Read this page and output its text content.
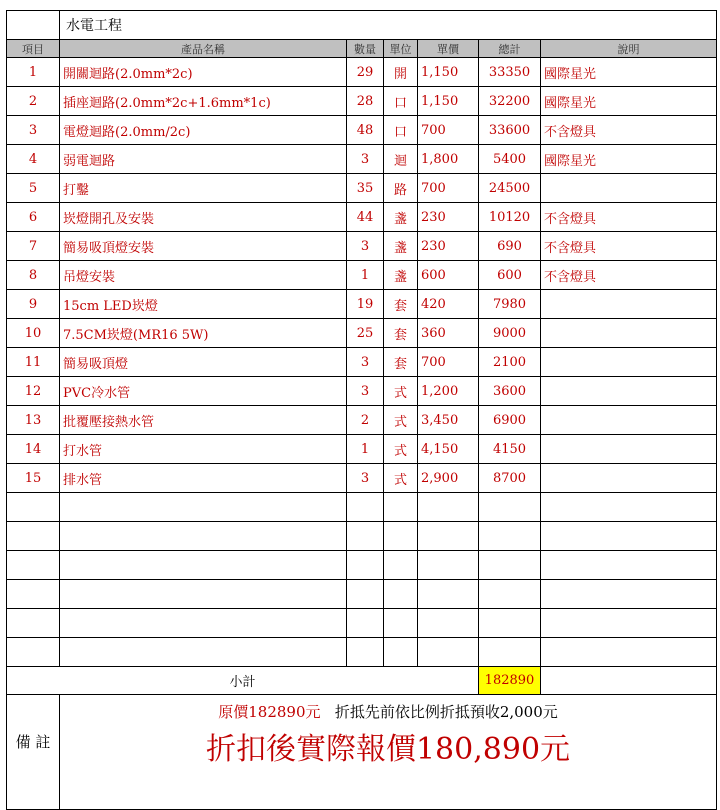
	水電工程					
項目	產品名稱	數量	單位	單價	總計	說明
1	開關迴路(2.0mm*2c)	29	開	1,150	33350	國際星光
2	插座迴路(2.0mm*2c+1.6mm*1c)	28	口	1,150	32200	國際星光
3	電燈迴路(2.0mm/2c)	48	口	700	33600	不含燈具
4	弱電迴路	3	迴	1,800	5400	國際星光
5	打鑿	35	路	700	24500	
6	崁燈開孔及安裝	44	盞	230	10120	不含燈具
7	簡易吸頂燈安裝	3	盞	230	690	不含燈具
8	吊燈安裝	1	盞	600	600	不含燈具
9	15cm LED崁燈	19	套	420	7980	
10	7.5CM崁燈(MR16 5W)	25	套	360	9000	
11	簡易吸頂燈	3	套	700	2100	
12	PVC冷水管	3	式	1,200	3600	
13	批覆壓接熱水管	2	式	3,450	6900	
14	打水管	1	式	4,150	4150	
15	排水管	3	式	2,900	8700	

小計					182890	
備 註	原價182890元 折抵先前依比例折抵預收2,000元
折扣後實際報價180,890元					
